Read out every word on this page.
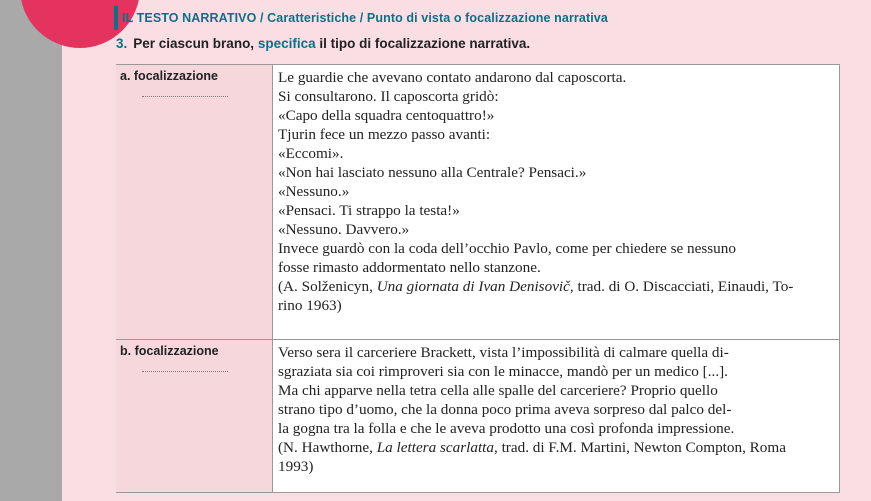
IL TESTO NARRATIVO / Caratteristiche / Punto di vista o focalizzazione narrativa
3. Per ciascun brano, specifica il tipo di focalizzazione narrativa.
a. focalizzazione	Le guardie che avevano contato andarono dal caposcorta.
Si consultarono. Il caposcorta gridò:
«Capo della squadra centoquattro!»
Tjurin fece un mezzo passo avanti:
«Eccomi».
«Non hai lasciato nessuno alla Centrale? Pensaci.»
«Nessuno.»
«Pensaci. Ti strappo la testa!»
«Nessuno. Davvero.»
Invece guardò con la coda dell’occhio Pavlo, come per chiedere se nessuno
fosse rimasto addormentato nello stanzone.
(A. Solženicyn, Una giornata di Ivan Denisovič, trad. di O. Discacciati, Einaudi, To-
rino 1963)
b. focalizzazione	Verso sera il carceriere Brackett, vista l’impossibilità di calmare quella di-
sgraziata sia coi rimproveri sia con le minacce, mandò per un medico [...].
Ma chi apparve nella tetra cella alle spalle del carceriere? Proprio quello
strano tipo d’uomo, che la donna poco prima aveva sorpreso dal palco del-
la gogna tra la folla e che le aveva prodotto una così profonda impressione.
(N. Hawthorne, La lettera scarlatta, trad. di F.M. Martini, Newton Compton, Roma
1993)
